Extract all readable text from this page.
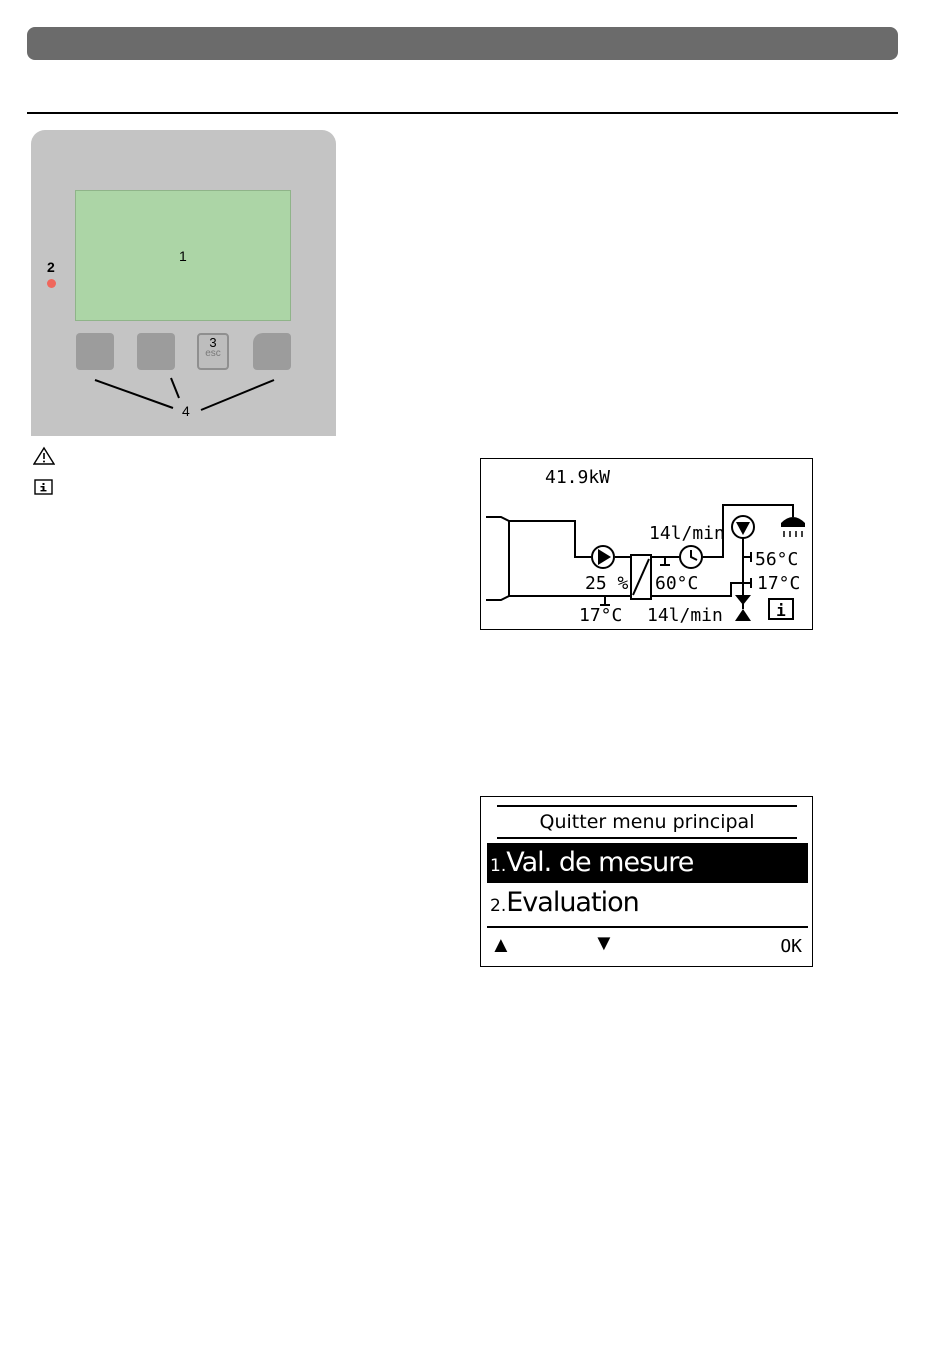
1
2
3
esc
4
i
41.9kW
14l/min
25 % 60°C
56°C
17°C
17°C 14l/min
Quitter menu principal
1.Val. de mesure
2.Evaluation
▲	▼	OK
